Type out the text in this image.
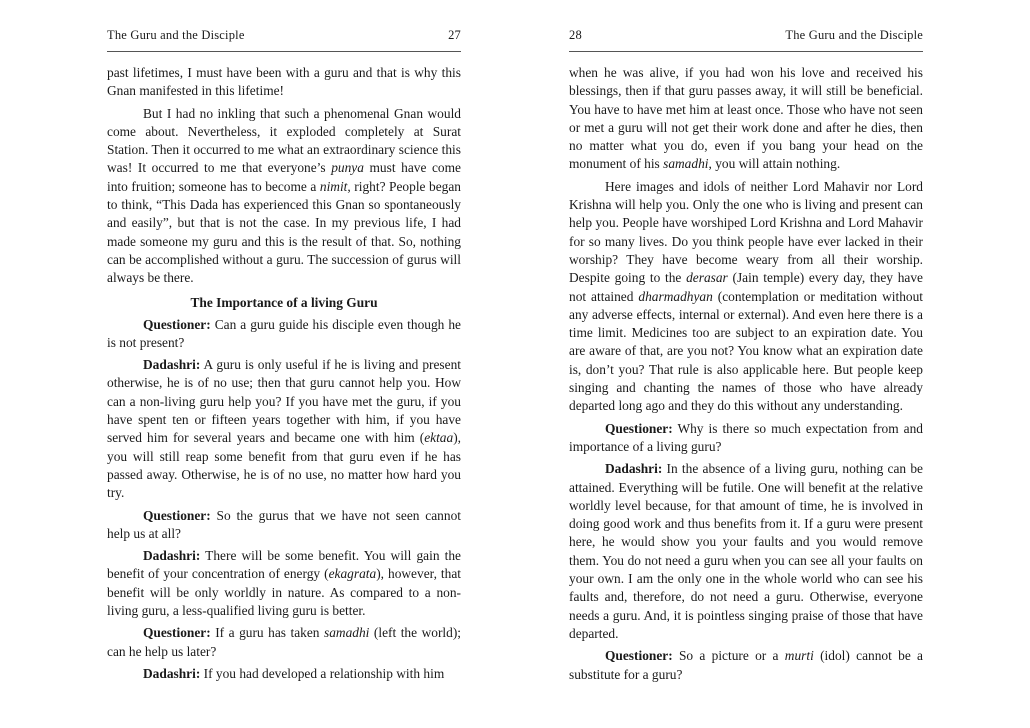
The Guru and the Disciple	27

past lifetimes, I must have been with a guru and that is why this Gnan manifested in this lifetime!

But I had no inkling that such a phenomenal Gnan would come about. Nevertheless, it exploded completely at Surat Station. Then it occurred to me what an extraordinary science this was! It occurred to me that everyone’s punya must have come into fruition; someone has to become a nimit, right? People began to think, “This Dada has experienced this Gnan so spontaneously and easily”, but that is not the case. In my previous life, I had made someone my guru and this is the result of that. So, nothing can be accomplished without a guru. The succession of gurus will always be there.

The Importance of a living Guru

Questioner: Can a guru guide his disciple even though he is not present?

Dadashri: A guru is only useful if he is living and present otherwise, he is of no use; then that guru cannot help you. How can a non-living guru help you? If you have met the guru, if you have spent ten or fifteen years together with him, if you have served him for several years and became one with him (ektaa), you will still reap some benefit from that guru even if he has passed away. Otherwise, he is of no use, no matter how hard you try.

Questioner: So the gurus that we have not seen cannot help us at all?

Dadashri: There will be some benefit. You will gain the benefit of your concentration of energy (ekagrata), however, that benefit will be only worldly in nature. As compared to a non-living guru, a less-qualified living guru is better.

Questioner: If a guru has taken samadhi (left the world); can he help us later?

Dadashri: If you had developed a relationship with him

28	The Guru and the Disciple

when he was alive, if you had won his love and received his blessings, then if that guru passes away, it will still be beneficial. You have to have met him at least once. Those who have not seen or met a guru will not get their work done and after he dies, then no matter what you do, even if you bang your head on the monument of his samadhi, you will attain nothing.

Here images and idols of neither Lord Mahavir nor Lord Krishna will help you. Only the one who is living and present can help you. People have worshiped Lord Krishna and Lord Mahavir for so many lives. Do you think people have ever lacked in their worship? They have become weary from all their worship. Despite going to the derasar (Jain temple) every day, they have not attained dharmadhyan (contemplation or meditation without any adverse effects, internal or external). And even here there is a time limit. Medicines too are subject to an expiration date. You are aware of that, are you not? You know what an expiration date is, don’t you? That rule is also applicable here. But people keep singing and chanting the names of those who have already departed long ago and they do this without any understanding.

Questioner: Why is there so much expectation from and importance of a living guru?

Dadashri: In the absence of a living guru, nothing can be attained. Everything will be futile. One will benefit at the relative worldly level because, for that amount of time, he is involved in doing good work and thus benefits from it. If a guru were present here, he would show you your faults and you would remove them. You do not need a guru when you can see all your faults on your own. I am the only one in the whole world who can see his faults and, therefore, do not need a guru. Otherwise, everyone needs a guru. And, it is pointless singing praise of those that have departed.

Questioner: So a picture or a murti (idol) cannot be a substitute for a guru?
